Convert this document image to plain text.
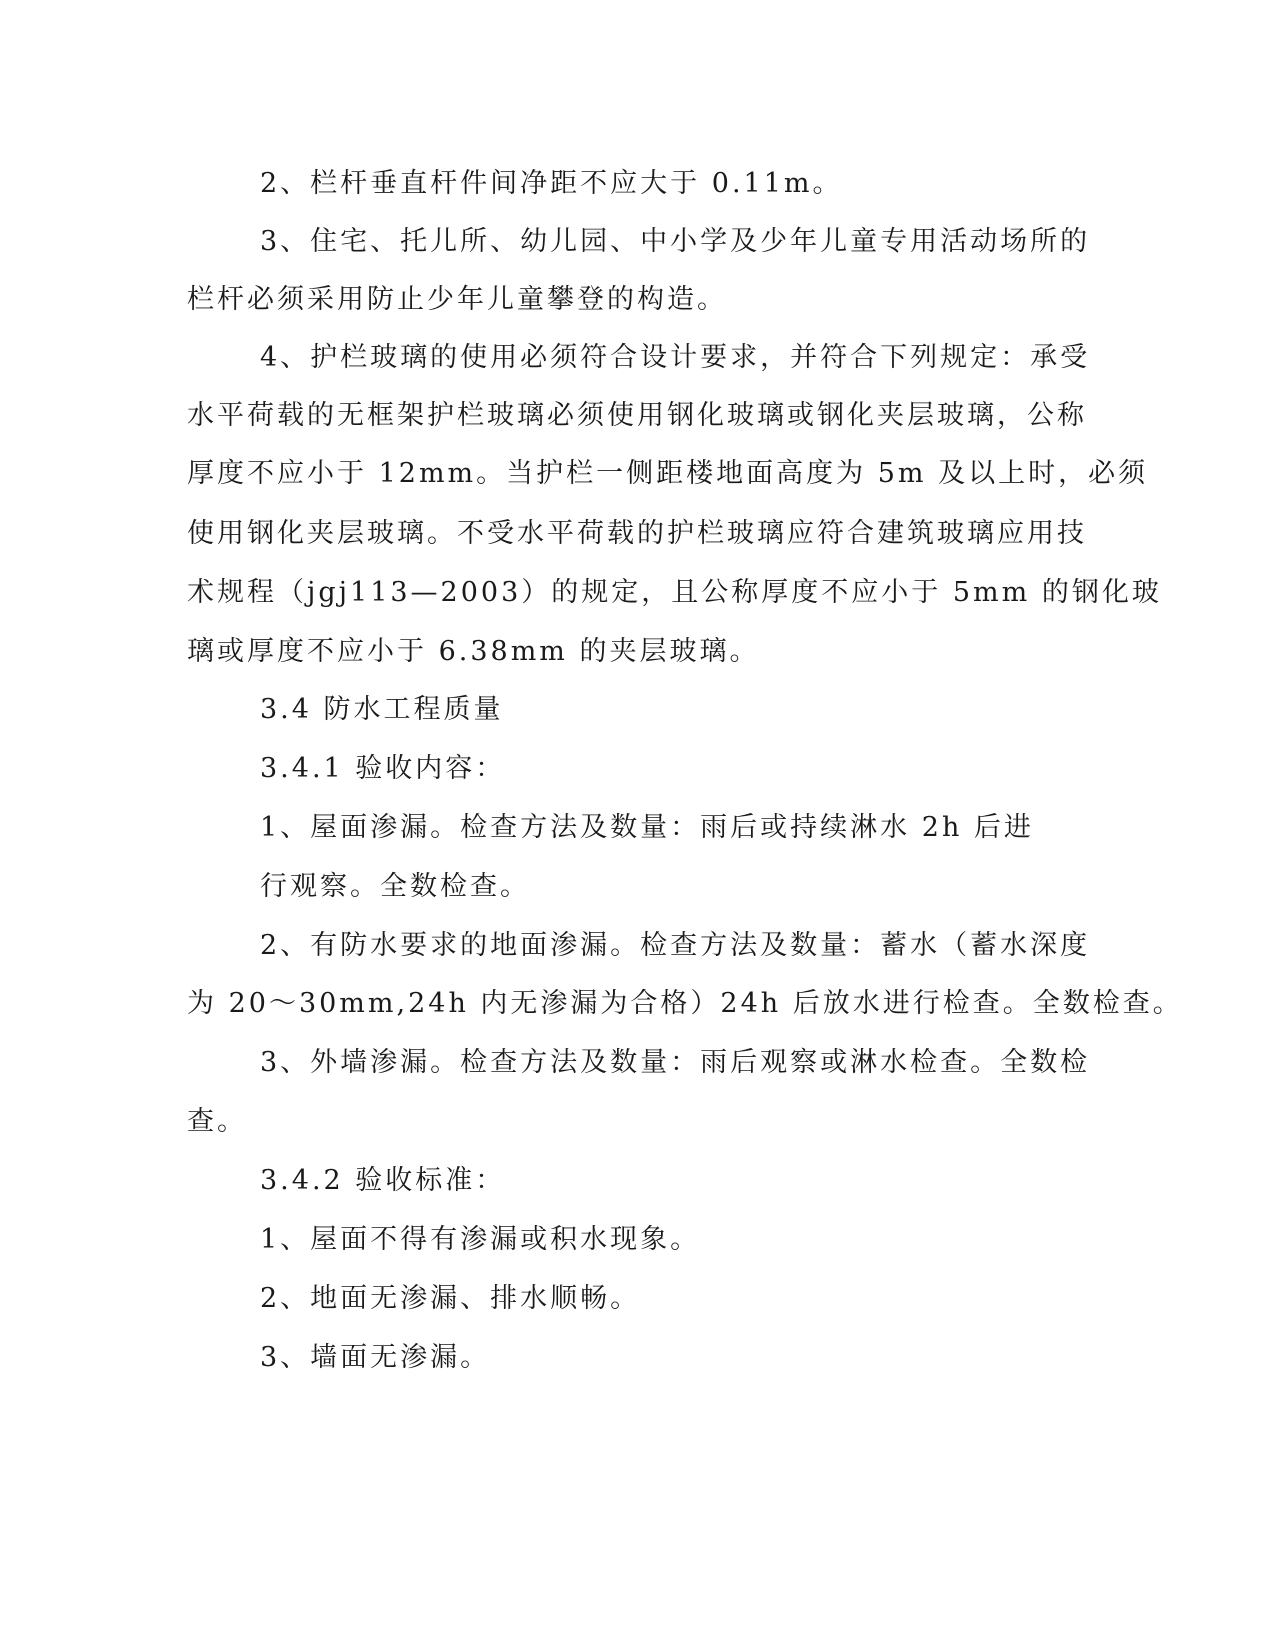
2、栏杆垂直杆件间净距不应大于 0.11m。
3、住宅、托儿所、幼儿园、中小学及少年儿童专用活动场所的
栏杆必须采用防止少年儿童攀登的构造。
4、护栏玻璃的使用必须符合设计要求，并符合下列规定：承受
水平荷载的无框架护栏玻璃必须使用钢化玻璃或钢化夹层玻璃，公称
厚度不应小于 12mm。当护栏一侧距楼地面高度为 5m 及以上时，必须
使用钢化夹层玻璃。不受水平荷载的护栏玻璃应符合建筑玻璃应用技
术规程（jgj113—2003）的规定，且公称厚度不应小于 5mm 的钢化玻
璃或厚度不应小于 6.38mm 的夹层玻璃。
3.4 防水工程质量
3.4.1 验收内容：
1、屋面渗漏。检查方法及数量：雨后或持续淋水 2h 后进
行观察。全数检查。
2、有防水要求的地面渗漏。检查方法及数量：蓄水（蓄水深度
为 20～30mm,24h 内无渗漏为合格）24h 后放水进行检查。全数检查。
3、外墙渗漏。检查方法及数量：雨后观察或淋水检查。全数检
查。
3.4.2 验收标准：
1、屋面不得有渗漏或积水现象。
2、地面无渗漏、排水顺畅。
3、墙面无渗漏。
